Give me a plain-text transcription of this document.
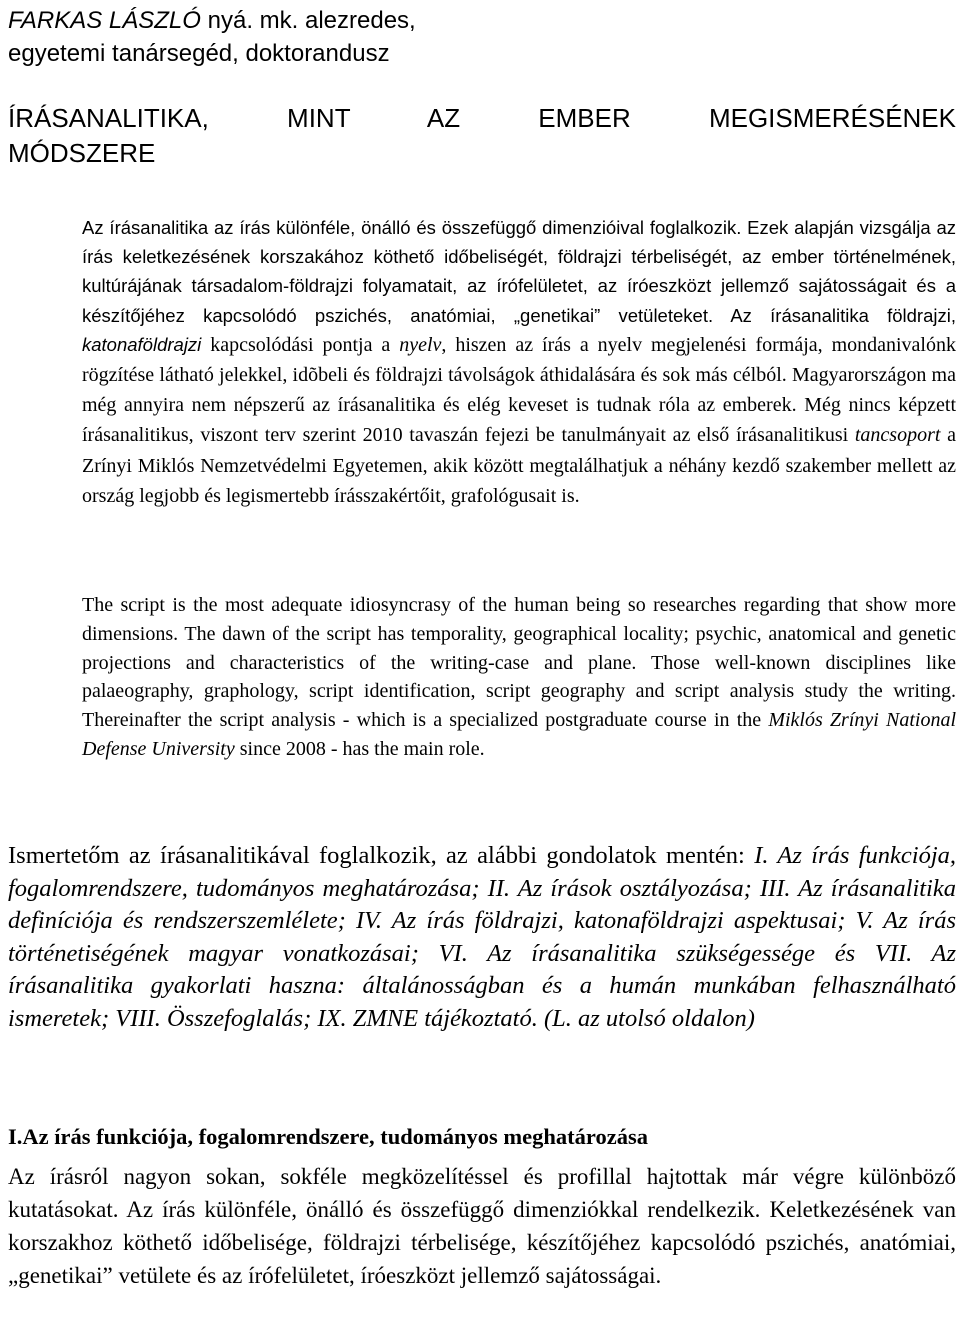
FARKAS LÁSZLÓ nyá. mk. alezredes,
egyetemi tanársegéd, doktorandusz
ÍRÁSANALITIKA, MINT AZ EMBER MEGISMERÉSÉNEK
MÓDSZERE

Az írásanalitika az írás különféle, önálló és összefüggő dimenzióival foglalkozik. Ezek alapján vizsgálja az írás keletkezésének korszakához köthető időbeliségét, földrajzi térbeliségét, az ember történelmének, kultúrájának társadalom-földrajzi folyamatait, az írófelületet, az íróeszközt jellemző sajátosságait és a készítőjéhez kapcsolódó pszichés, anatómiai, „genetikai” vetületeket. Az írásanalitika földrajzi, katonaföldrajzi kapcsolódási pontja a nyelv, hiszen az írás a nyelv megjelenési formája, mondanivalónk rögzítése látható jelekkel, idõbeli és földrajzi távolságok áthidalására és sok más célból. Magyarországon ma még annyira nem népszerű az írásanalitika és elég keveset is tudnak róla az emberek. Még nincs képzett írásanalitikus, viszont terv szerint 2010 tavaszán fejezi be tanulmányait az első írásanalitikusi tancsoport a Zrínyi Miklós Nemzetvédelmi Egyetemen, akik között megtalálhatjuk a néhány kezdő szakember mellett az ország legjobb és legismertebb írásszakértőit, grafológusait is.

The script is the most adequate idiosyncrasy of the human being so researches regarding that show more dimensions. The dawn of the script has temporality, geographical locality; psychic, anatomical and genetic projections and characteristics of the writing-case and plane. Those well-known disciplines like palaeography, graphology, script identification, script geography and script analysis study the writing. Thereinafter the script analysis - which is a specialized postgraduate course in the Miklós Zrínyi National Defense University since 2008 - has the main role.

Ismertetőm az írásanalitikával foglalkozik, az alábbi gondolatok mentén: I. Az írás funkciója, fogalomrendszere, tudományos meghatározása; II. Az írások osztályozása; III. Az írásanalitika definíciója és rendszerszemlélete; IV. Az írás földrajzi, katonaföldrajzi aspektusai; V. Az írás történetiségének magyar vonatkozásai; VI. Az írásanalitika szükségessége és VII. Az írásanalitika gyakorlati haszna: általánosságban és a humán munkában felhasználható ismeretek; VIII. Összefoglalás; IX. ZMNE tájékoztató. (L. az utolsó oldalon)

I.Az írás funkciója, fogalomrendszere, tudományos meghatározása

Az írásról nagyon sokan, sokféle megközelítéssel és profillal hajtottak már végre különböző kutatásokat. Az írás különféle, önálló és összefüggő dimenziókkal rendelkezik. Keletkezésének van korszakhoz köthető időbelisége, földrajzi térbelisége, készítőjéhez kapcsolódó pszichés, anatómiai, „genetikai” vetülete és az írófelületet, íróeszközt jellemző sajátosságai.
